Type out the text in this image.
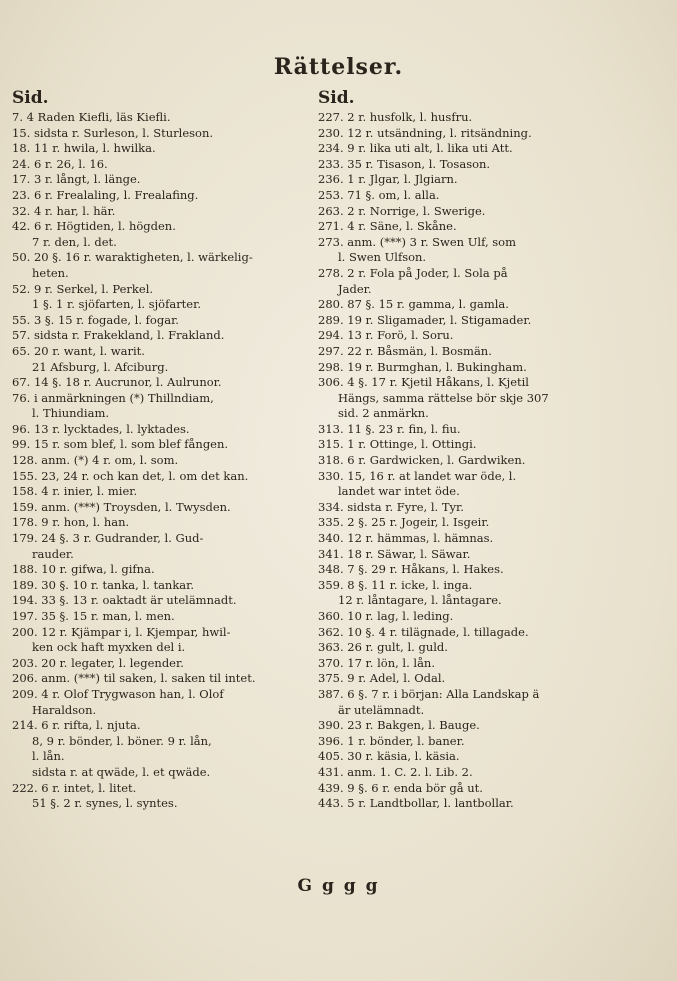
Rättelser.
Sid.
7. 4 Raden Kiefli, läs Kiefli.
15. sidsta r. Surleson, l. Sturleson.
18. 11 r. hwila, l. hwilka.
24. 6 r. 26, l. 16.
17. 3 r. långt, l. länge.
23. 6 r. Frealaling, l. Frealafing.
32. 4 r. har, l. här.
42. 6 r. Högtiden, l. högden.
7 r. den, l. det.
50. 20 §. 16 r. waraktigheten, l. wärkelig-
heten.
52. 9 r. Serkel, l. Perkel.
1 §. 1 r. sjöfarten, l. sjöfarter.
55. 3 §. 15 r. fogade, l. fogar.
57. sidsta r. Frakekland, l. Frakland.
65. 20 r. want, l. warit.
21 Afsburg, l. Afciburg.
67. 14 §. 18 r. Aucrunor, l. Aulrunor.
76. i anmärkningen (*) Thillndiam,
l. Thiundiam.
96. 13 r. lycktades, l. lyktades.
99. 15 r. som blef, l. som blef fången.
128. anm. (*) 4 r. om, l. som.
155. 23, 24 r. och kan det, l. om det kan.
158. 4 r. inier, l. mier.
159. anm. (***) Troysden, l. Twysden.
178. 9 r. hon, l. han.
179. 24 §. 3 r. Gudrander, l. Gud-
rauder.
188. 10 r. gifwa, l. gifna.
189. 30 §. 10 r. tanka, l. tankar.
194. 33 §. 13 r. oaktadt är utelämnadt.
197. 35 §. 15 r. man, l. men.
200. 12 r. Kjämpar i, l. Kjempar, hwil-
ken ock haft myxken del i.
203. 20 r. legater, l. legender.
206. anm. (***) til saken, l. saken til intet.
209. 4 r. Olof Trygwason han, l. Olof
Haraldson.
214. 6 r. rifta, l. njuta.
8, 9 r. bönder, l. böner. 9 r. lån,
l. lån.
sidsta r. at qwäde, l. et qwäde.
222. 6 r. intet, l. litet.
51 §. 2 r. synes, l. syntes.
Sid.
227. 2 r. husfolk, l. husfru.
230. 12 r. utsändning, l. ritsändning.
234. 9 r. lika uti alt, l. lika uti Att.
233. 35 r. Tisason, l. Tosason.
236. 1 r. Jlgar, l. Jlgiarn.
253. 71 §. om, l. alla.
263. 2 r. Norrige, l. Swerige.
271. 4 r. Säne, l. Skåne.
273. anm. (***) 3 r. Swen Ulf, som
l. Swen Ulfson.
278. 2 r. Fola på Joder, l. Sola på
Jader.
280. 87 §. 15 r. gamma, l. gamla.
289. 19 r. Sligamader, l. Stigamader.
294. 13 r. Forö, l. Soru.
297. 22 r. Båsmän, l. Bosmän.
298. 19 r. Burmghan, l. Bukingham.
306. 4 §. 17 r. Kjetil Håkans, l. Kjetil
Hängs, samma rättelse bör skje 307
sid. 2 anmärkn.
313. 11 §. 23 r. fin, l. fiu.
315. 1 r. Ottinge, l. Ottingi.
318. 6 r. Gardwicken, l. Gardwiken.
330. 15, 16 r. at landet war öde, l.
landet war intet öde.
334. sidsta r. Fyre, l. Tyr.
335. 2 §. 25 r. Jogeir, l. Isgeir.
340. 12 r. hämmas, l. hämnas.
341. 18 r. Säwar, l. Säwar.
348. 7 §. 29 r. Håkans, l. Hakes.
359. 8 §. 11 r. icke, l. inga.
12 r. låntagare, l. låntagare.
360. 10 r. lag, l. leding.
362. 10 §. 4 r. tilägnade, l. tillagade.
363. 26 r. gult, l. guld.
370. 17 r. lön, l. lån.
375. 9 r. Adel, l. Odal.
387. 6 §. 7 r. i början: Alla Landskap ä
är utelämnadt.
390. 23 r. Bakgen, l. Bauge.
396. 1 r. bönder, l. baner.
405. 30 r. käsia, l. käsia.
431. anm. 1. C. 2. l. Lib. 2.
439. 9 §. 6 r. enda bör gå ut.
443. 5 r. Landtbollar, l. lantbollar.
G g g g
